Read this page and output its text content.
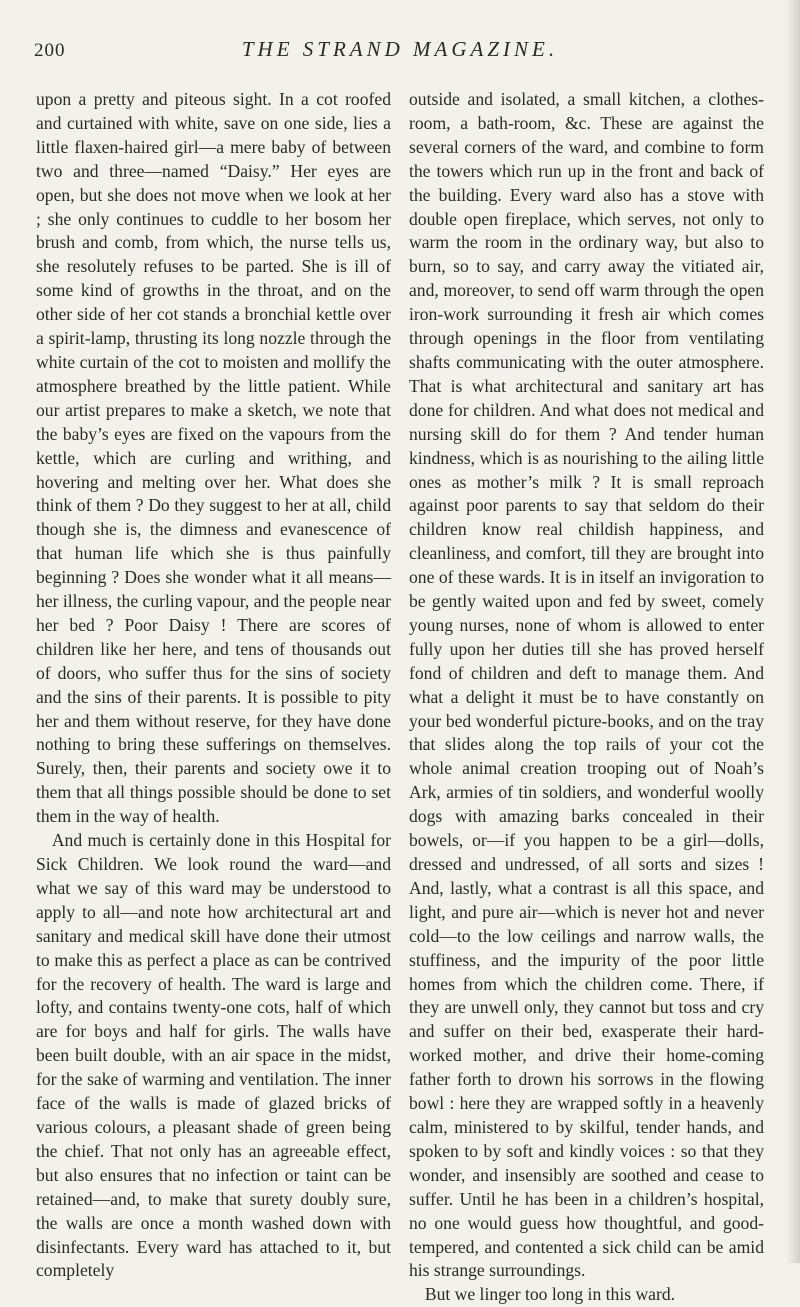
200	THE STRAND MAGAZINE.

upon a pretty and piteous sight. In a cot roofed and curtained with white, save on one side, lies a little flaxen-haired girl—a mere baby of between two and three—named “Daisy.” Her eyes are open, but she does not move when we look at her ; she only continues to cuddle to her bosom her brush and comb, from which, the nurse tells us, she resolutely refuses to be parted. She is ill of some kind of growths in the throat, and on the other side of her cot stands a bronchial kettle over a spirit-lamp, thrusting its long nozzle through the white curtain of the cot to moisten and mollify the atmosphere breathed by the little patient. While our artist prepares to make a sketch, we note that the baby’s eyes are fixed on the vapours from the kettle, which are curling and writhing, and hovering and melting over her. What does she think of them ? Do they suggest to her at all, child though she is, the dimness and evanescence of that human life which she is thus painfully beginning ? Does she wonder what it all means—her illness, the curling vapour, and the people near her bed ? Poor Daisy ! There are scores of children like her here, and tens of thousands out of doors, who suffer thus for the sins of society and the sins of their parents. It is possible to pity her and them without reserve, for they have done nothing to bring these sufferings on themselves. Surely, then, their parents and society owe it to them that all things possible should be done to set them in the way of health.

And much is certainly done in this Hospital for Sick Children. We look round the ward—and what we say of this ward may be understood to apply to all—and note how architectural art and sanitary and medical skill have done their utmost to make this as perfect a place as can be contrived for the recovery of health. The ward is large and lofty, and contains twenty-one cots, half of which are for boys and half for girls. The walls have been built double, with an air space in the midst, for the sake of warming and ventilation. The inner face of the walls is made of glazed bricks of various colours, a pleasant shade of green being the chief. That not only has an agreeable effect, but also ensures that no infection or taint can be retained—and, to make that surety doubly sure, the walls are once a month washed down with disinfectants. Every ward has attached to it, but completely

outside and isolated, a small kitchen, a clothes-room, a bath-room, &c. These are against the several corners of the ward, and combine to form the towers which run up in the front and back of the building. Every ward also has a stove with double open fireplace, which serves, not only to warm the room in the ordinary way, but also to burn, so to say, and carry away the vitiated air, and, moreover, to send off warm through the open iron-work surrounding it fresh air which comes through openings in the floor from ventilating shafts communicating with the outer atmosphere. That is what architectural and sanitary art has done for children. And what does not medical and nursing skill do for them ? And tender human kindness, which is as nourishing to the ailing little ones as mother’s milk ? It is small reproach against poor parents to say that seldom do their children know real childish happiness, and cleanliness, and comfort, till they are brought into one of these wards. It is in itself an invigoration to be gently waited upon and fed by sweet, comely young nurses, none of whom is allowed to enter fully upon her duties till she has proved herself fond of children and deft to manage them. And what a delight it must be to have constantly on your bed wonderful picture-books, and on the tray that slides along the top rails of your cot the whole animal creation trooping out of Noah’s Ark, armies of tin soldiers, and wonderful woolly dogs with amazing barks concealed in their bowels, or—if you happen to be a girl—dolls, dressed and undressed, of all sorts and sizes ! And, lastly, what a contrast is all this space, and light, and pure air—which is never hot and never cold—to the low ceilings and narrow walls, the stuffiness, and the impurity of the poor little homes from which the children come. There, if they are unwell only, they cannot but toss and cry and suffer on their bed, exasperate their hard-worked mother, and drive their home-coming father forth to drown his sorrows in the flowing bowl : here they are wrapped softly in a heavenly calm, ministered to by skilful, tender hands, and spoken to by soft and kindly voices : so that they wonder, and insensibly are soothed and cease to suffer. Until he has been in a children’s hospital, no one would guess how thoughtful, and good-tempered, and contented a sick child can be amid his strange surroundings.

But we linger too long in this ward.
